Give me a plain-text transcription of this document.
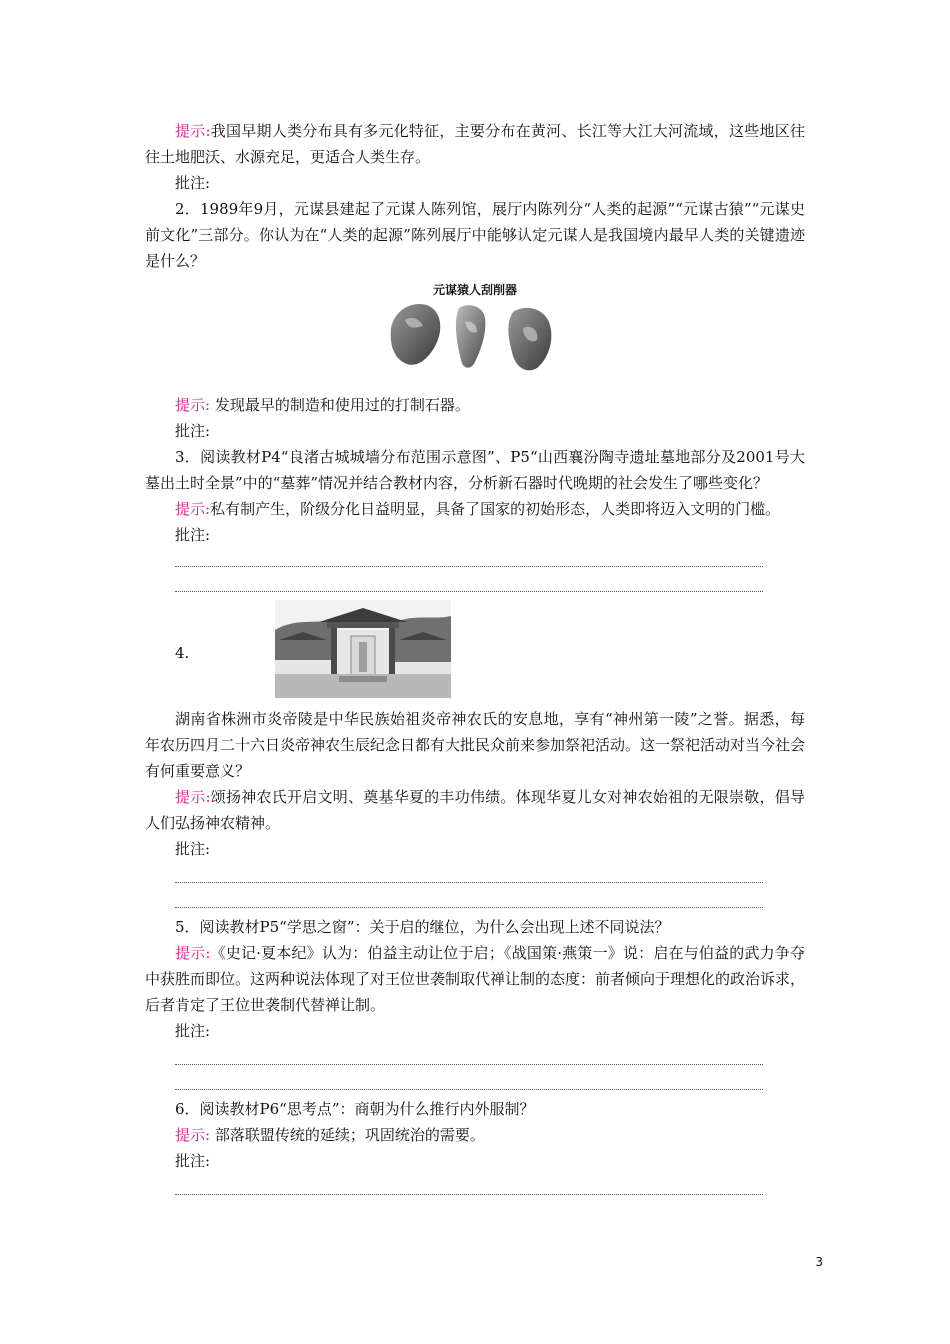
提示:我国早期人类分布具有多元化特征，主要分布在黄河、长江等大江大河流域，这些地区往往土地肥沃、水源充足，更适合人类生存。

批注:

2．1989年9月，元谋县建起了元谋人陈列馆，展厅内陈列分“人类的起源”“元谋古猿”“元谋史前文化”三部分。你认为在“人类的起源”陈列展厅中能够认定元谋人是我国境内最早人类的关键遗迹是什么？

元谋猿人刮削器

提示: 发现最早的制造和使用过的打制石器。

批注:

3．阅读教材P4“良渚古城城墙分布范围示意图”、P5“山西襄汾陶寺遗址墓地部分及2001号大墓出土时全景”中的“墓葬”情况并结合教材内容，分析新石器时代晚期的社会发生了哪些变化？

提示:私有制产生，阶级分化日益明显，具备了国家的初始形态，人类即将迈入文明的门槛。

批注:

4.

湖南省株洲市炎帝陵是中华民族始祖炎帝神农氏的安息地，享有“神州第一陵”之誉。据悉，每年农历四月二十六日炎帝神农生辰纪念日都有大批民众前来参加祭祀活动。这一祭祀活动对当今社会有何重要意义？

提示:颂扬神农氏开启文明、奠基华夏的丰功伟绩。体现华夏儿女对神农始祖的无限崇敬，倡导人们弘扬神农精神。

批注:

5．阅读教材P5“学思之窗”：关于启的继位，为什么会出现上述不同说法？

提示:《史记·夏本纪》认为：伯益主动让位于启；《战国策·燕策一》说：启在与伯益的武力争夺中获胜而即位。这两种说法体现了对王位世袭制取代禅让制的态度：前者倾向于理想化的政治诉求，后者肯定了王位世袭制代替禅让制。

批注:

6．阅读教材P6“思考点”：商朝为什么推行内外服制？

提示: 部落联盟传统的延续；巩固统治的需要。

批注:

3
